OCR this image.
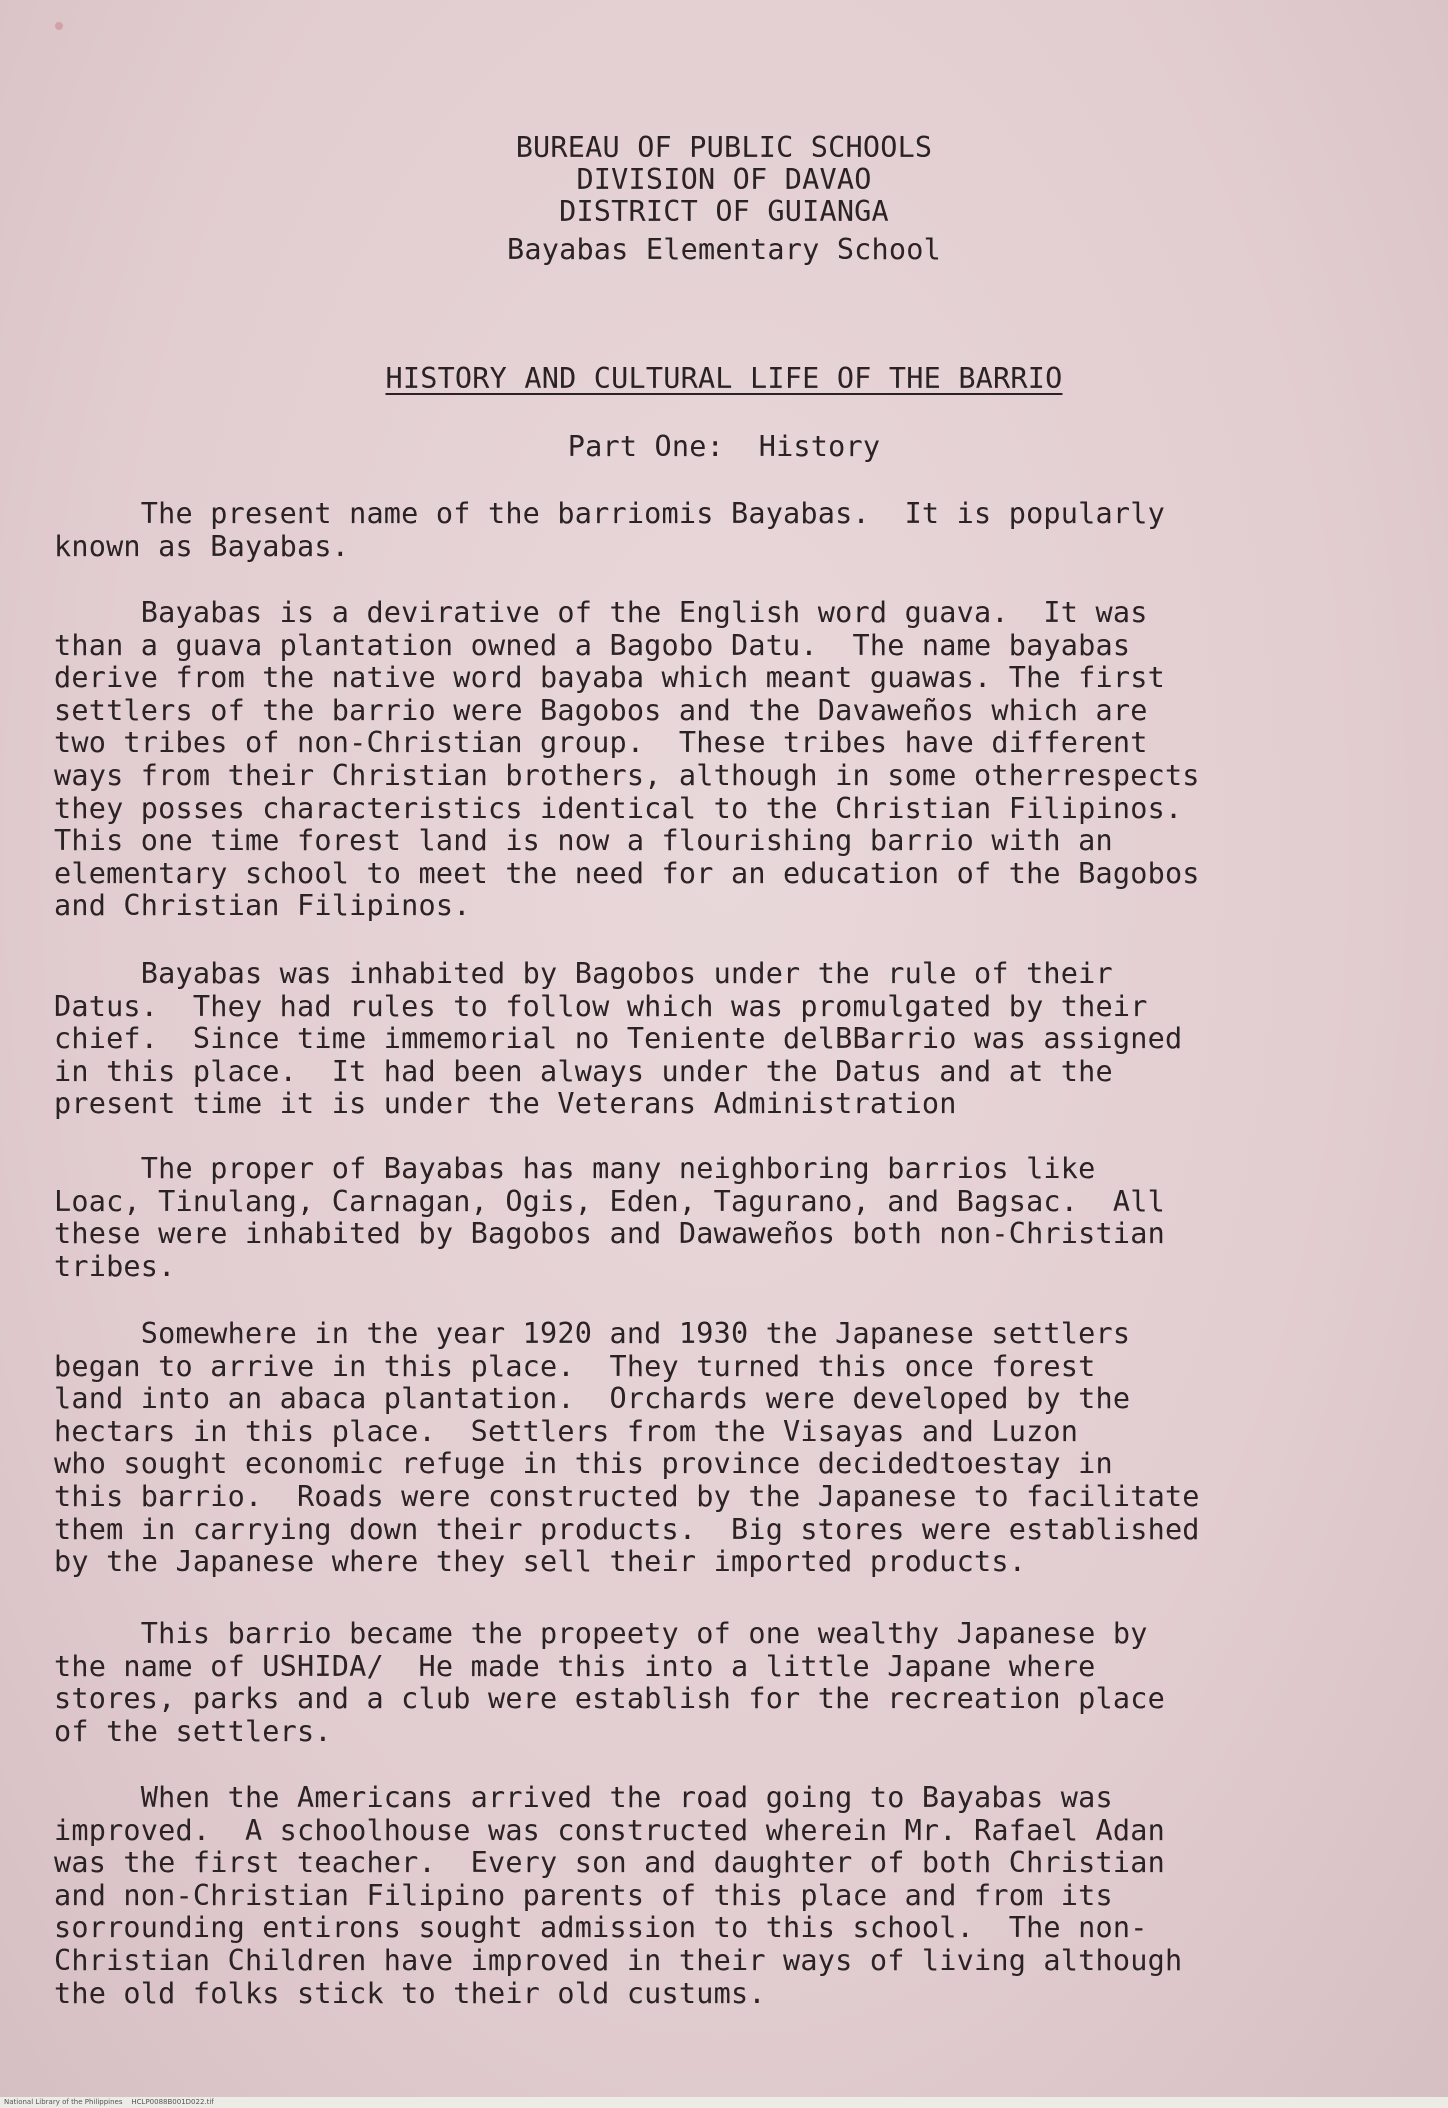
BUREAU OF PUBLIC SCHOOLS
DIVISION OF DAVAO
DISTRICT OF GUIANGA
Bayabas Elementary School
HISTORY AND CULTURAL LIFE OF THE BARRIO
Part One:  History
The present name of the barriomis Bayabas.  It is popularly
known as Bayabas.
Bayabas is a devirative of the English word guava.  It was
than a guava plantation owned a Bagobo Datu.  The name bayabas
derive from the native word bayaba which meant guawas. The first
settlers of the barrio were Bagobos and the Davaweños which are
two tribes of non-Christian group.  These tribes have different
ways from their Christian brothers, although in some otherrespects
they posses characteristics identical to the Christian Filipinos.
This one time forest land is now a flourishing barrio with an
elementary school to meet the need for an education of the Bagobos
and Christian Filipinos.
Bayabas was inhabited by Bagobos under the rule of their
Datus.  They had rules to follow which was promulgated by their
chief.  Since time immemorial no Teniente delBBarrio was assigned
in this place.  It had been always under the Datus and at the
present time it is under the Veterans Administration
The proper of Bayabas has many neighboring barrios like
Loac, Tinulang, Carnagan, Ogis, Eden, Tagurano, and Bagsac.  All
these were inhabited by Bagobos and Dawaweños both non-Christian
tribes.
Somewhere in the year 1920 and 1930 the Japanese settlers
began to arrive in this place.  They turned this once forest
land into an abaca plantation.  Orchards were developed by the
hectars in this place.  Settlers from the Visayas and Luzon
who sought economic refuge in this province decidedtoestay in
this barrio.  Roads were constructed by the Japanese to facilitate
them in carrying down their products.  Big stores were established
by the Japanese where they sell their imported products.
This barrio became the propeety of one wealthy Japanese by
the name of USHIDA/  He made this into a little Japane where
stores, parks and a club were establish for the recreation place
of the settlers.
When the Americans arrived the road going to Bayabas was
improved.  A schoolhouse was constructed wherein Mr. Rafael Adan
was the first teacher.  Every son and daughter of both Christian
and non-Christian Filipino parents of this place and from its
sorrounding entirons sought admission to this school.  The non-
Christian Children have improved in their ways of living although
the old folks stick to their old custums.
National Library of the Philippines    HCLP0088B001D022.tif
